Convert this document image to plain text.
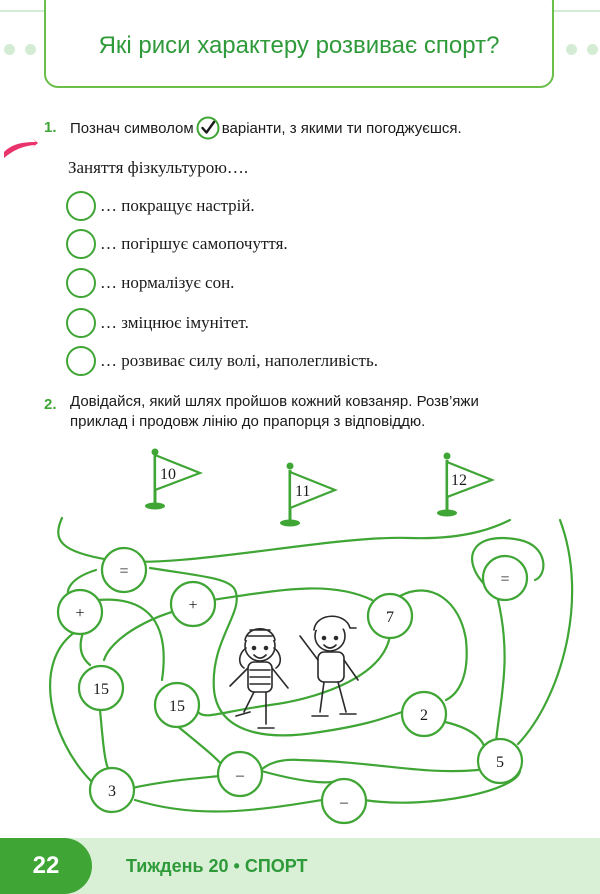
Які риси характеру розвиває спорт?
1. Познач символом варіанти, з якими ти погоджуєшся.
Заняття фізкультурою….
… покращує настрій.
… погіршує самопочуття.
… нормалізує сон.
… зміцнює імунітет.
… розвиває силу волі, наполегливість.
2. Довідайся, який шлях пройшов кожний ковзаняр. Розв’яжи
приклад і продовж лінію до прапорця з відповіддю.
10
11
12
=
+	+
7
=
15
15
2
5
3
–
–
22	Тиждень 20 • СПОРТ
